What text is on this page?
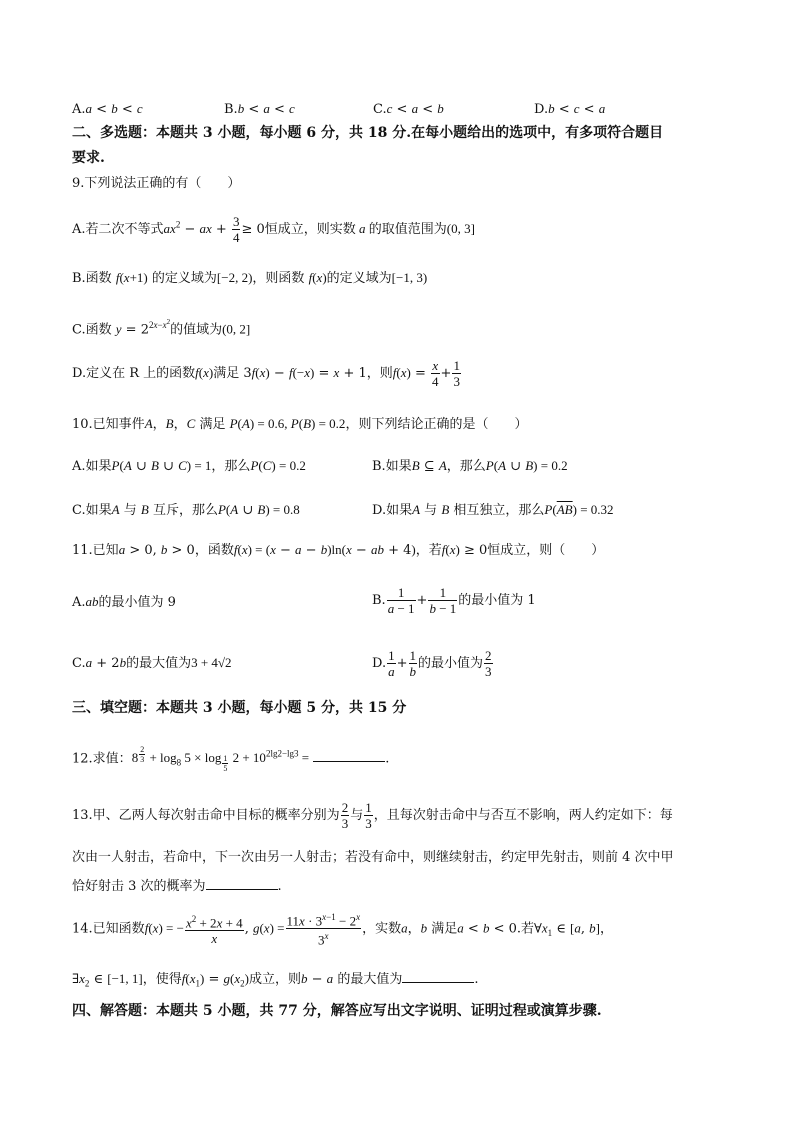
A.a < b < c	B.b < a < c	C.c < a < b	D.b < c < a
二、多选题：本题共 3 小题，每小题 6 分，共 18 分.在每小题给出的选项中，有多项符合题目
要求.
9.下列说法正确的有（　　）
A.若二次不等式$ax^2$ − ax + $\frac{3}{4} \ge 0$恒成立，则实数 a 的取值范围为(0, 3]
B.函数 f(x+1) 的定义域为[−2, 2)，则函数 f(x)的定义域为[−1, 3)
C.函数 $y = 2^{2x-x^2}$的值域为(0, 2]
D.定义在 R 上的函数f(x)满足 3f(x) − f(−x) = x + 1，则$f(x) = \frac{x}{4} + \frac{1}{3}$
10.已知事件A，B，C 满足 P(A) = 0.6, P(B) = 0.2，则下列结论正确的是（　　）
A.如果P(A ∪ B ∪ C) = 1，那么P(C) = 0.2	B.如果B ⊆ A，那么P(A ∪ B) = 0.2
C.如果A 与 B 互斥，那么P(A ∪ B) = 0.8	D.如果A 与 B 相互独立，那么$P(\overline{AB}) = 0.32$
11.已知a > 0, b > 0，函数f(x) = (x − a − b)ln(x − ab + 4)，若f(x) ≥ 0恒成立，则（　　）
A.ab的最小值为 9	B. $\frac{1}{a - 1} + \frac{1}{b - 1}$ 的最小值为 1
C.a + 2b的最大值为3 + 4√2	D. $\frac{1}{a} + \frac{1}{b}$ 的最小值为 $\frac{2}{3}$
三、填空题：本题共 3 小题，每小题 5 分，共 15 分
12.求值：8 $^{\frac{2}{3}} + \log_8 5 \times \log _{\frac{1}{5}}$ $2 + 10^{2lg2-lg3}$ =	.
13.甲、乙两人每次射击命中目标的概率分别为 $\frac{2}{3}$ 与 $\frac{1}{3}$ ，且每次射击命中与否互不影响，两人约定如下：每
次由一人射击，若命中，下一次由另一人射击；若没有命中，则继续射击，约定甲先射击，则前 4 次中甲
恰好射击 3 次的概率为	.
14.已知函数f(x) = − $\frac{x^2 + 2x + 4}{x}$ , $g(x) = \frac{11x \cdot 3^{x-1} - 2^x}{3^x}$ ，实数a，b 满足a < b < 0.若$\forall x_1$ ∈ [a, b]，
$\exists x_2$ ∈ [−1, 1]，使得$f(x_1) = g(x_2)$成立，则b − a 的最大值为	.
四、解答题：本题共 5 小题，共 77 分，解答应写出文字说明、证明过程或演算步骤.
